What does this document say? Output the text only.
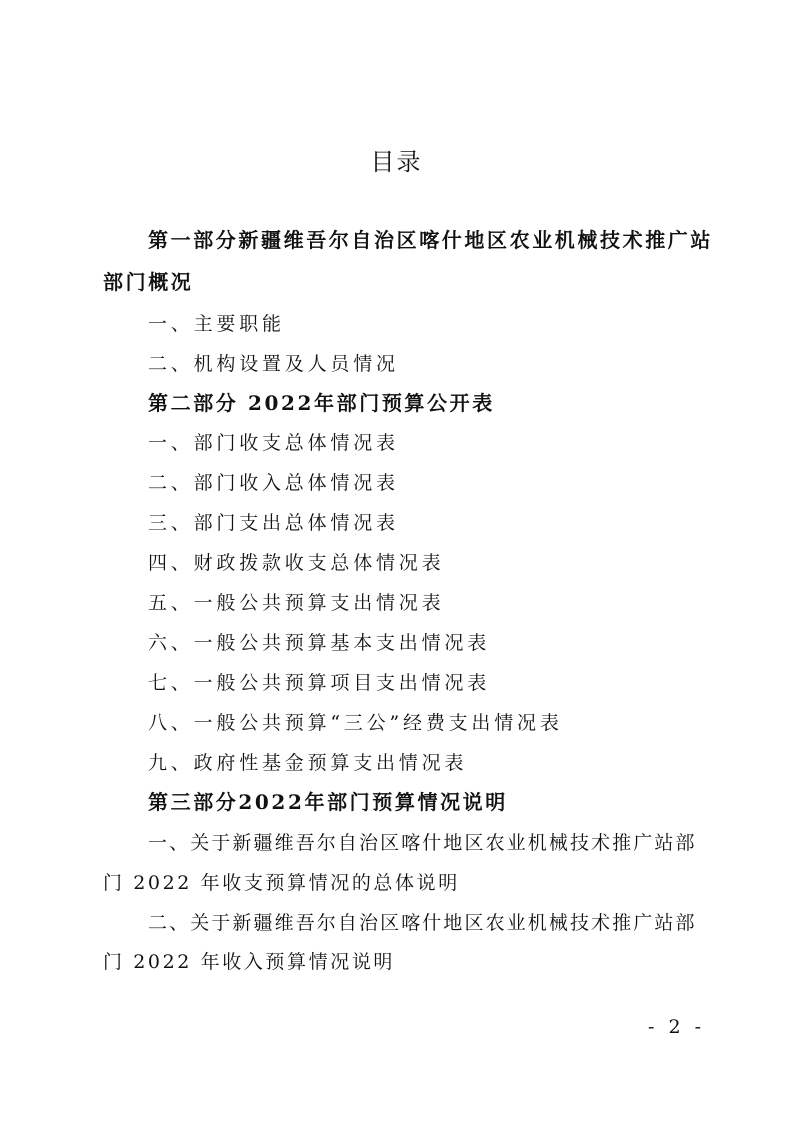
目录
第一部分新疆维吾尔自治区喀什地区农业机械技术推广站
部门概况
一、主要职能
二、机构设置及人员情况
第二部分 2022年部门预算公开表
一、部门收支总体情况表
二、部门收入总体情况表
三、部门支出总体情况表
四、财政拨款收支总体情况表
五、一般公共预算支出情况表
六、一般公共预算基本支出情况表
七、一般公共预算项目支出情况表
八、一般公共预算“三公”经费支出情况表
九、政府性基金预算支出情况表
第三部分2022年部门预算情况说明
一、关于新疆维吾尔自治区喀什地区农业机械技术推广站部
门 2022 年收支预算情况的总体说明
二、关于新疆维吾尔自治区喀什地区农业机械技术推广站部
门 2022 年收入预算情况说明
- 2 -
